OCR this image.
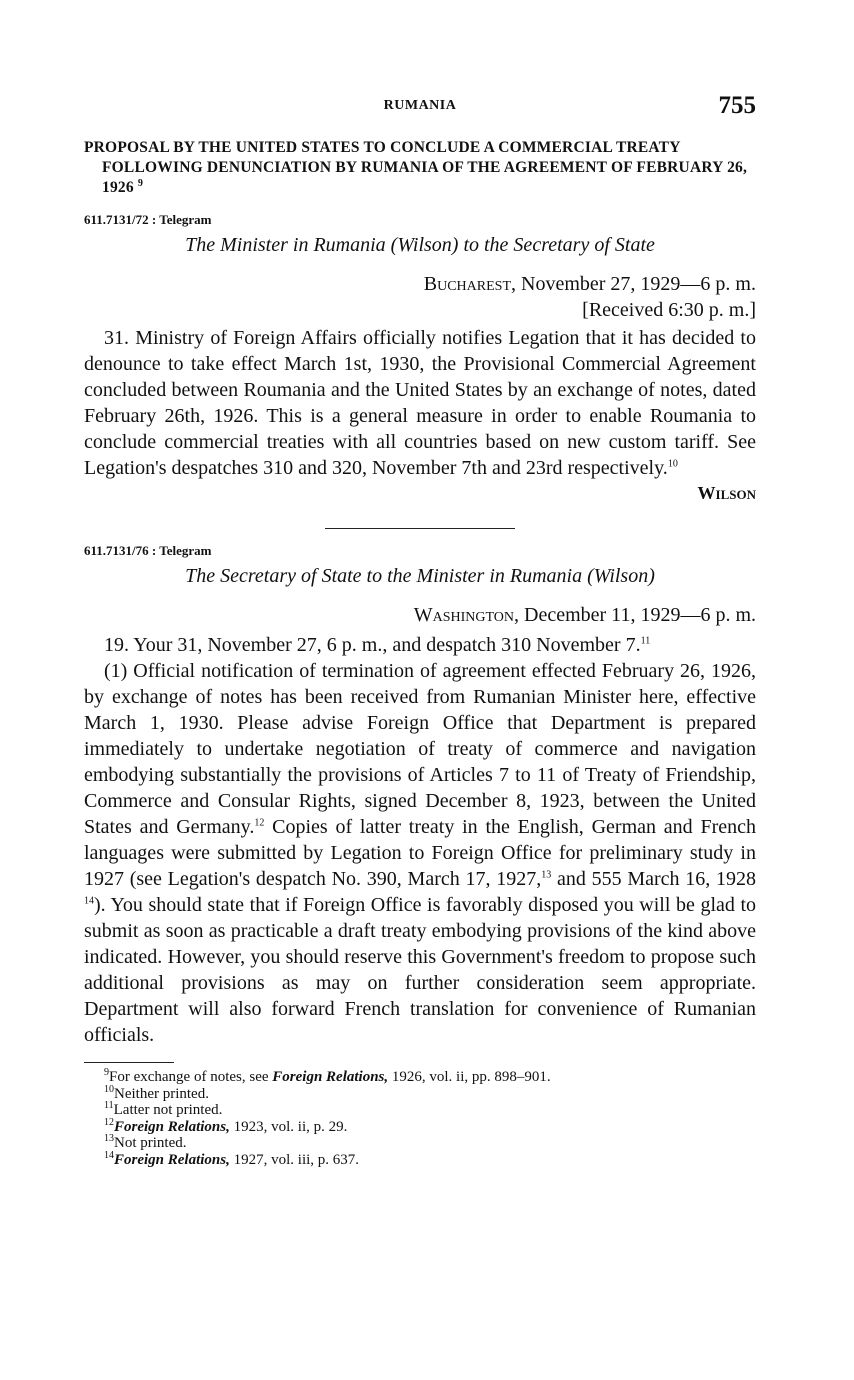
RUMANIA	755
PROPOSAL BY THE UNITED STATES TO CONCLUDE A COMMERCIAL TREATY FOLLOWING DENUNCIATION BY RUMANIA OF THE AGREEMENT OF FEBRUARY 26, 1926 $^9$
611.7131/72 : Telegram
The Minister in Rumania (Wilson) to the Secretary of State
Bucharest, November 27, 1929—6 p. m.
[Received 6:30 p. m.]

31. Ministry of Foreign Affairs officially notifies Legation that it has decided to denounce to take effect March 1st, 1930, the Provisional Commercial Agreement concluded between Roumania and the United States by an exchange of notes, dated February 26th, 1926. This is a general measure in order to enable Roumania to conclude commercial treaties with all countries based on new custom tariff. See Legation's despatches 310 and 320, November 7th and 23rd respectively.$^{10}$

Wilson
611.7131/76 : Telegram
The Secretary of State to the Minister in Rumania (Wilson)
Washington, December 11, 1929—6 p. m.

19. Your 31, November 27, 6 p. m., and despatch 310 November 7.11

(1) Official notification of termination of agreement effected February 26, 1926, by exchange of notes has been received from Rumanian Minister here, effective March 1, 1930. Please advise Foreign Office that Department is prepared immediately to undertake negotiation of treaty of commerce and navigation embodying substantially the provisions of Articles 7 to 11 of Treaty of Friendship, Commerce and Consular Rights, signed December 8, 1923, between the United States and Germany.$^{12}$ Copies of latter treaty in the English, German and French languages were submitted by Legation to Foreign Office for preliminary study in 1927 (see Legation's despatch No. 390, March 17, 1927,13 and 555 March 16, 1928 $^{14}$). You should state that if Foreign Office is favorably disposed you will be glad to submit as soon as practicable a draft treaty embodying provisions of the kind above indicated. However, you should reserve this Government's freedom to propose such additional provisions as may on further consideration seem appropriate. Department will also forward French translation for convenience of Rumanian officials.

$^9$For exchange of notes, see Foreign Relations, 1926, vol. ii, pp. 898–901.
$^{10}$Neither printed.
$^{11}$Latter not printed.
$^{12}$Foreign Relations, 1923, vol. ii, p. 29.
$^{13}$Not printed.
$^{14}$Foreign Relations, 1927, vol. iii, p. 637.
